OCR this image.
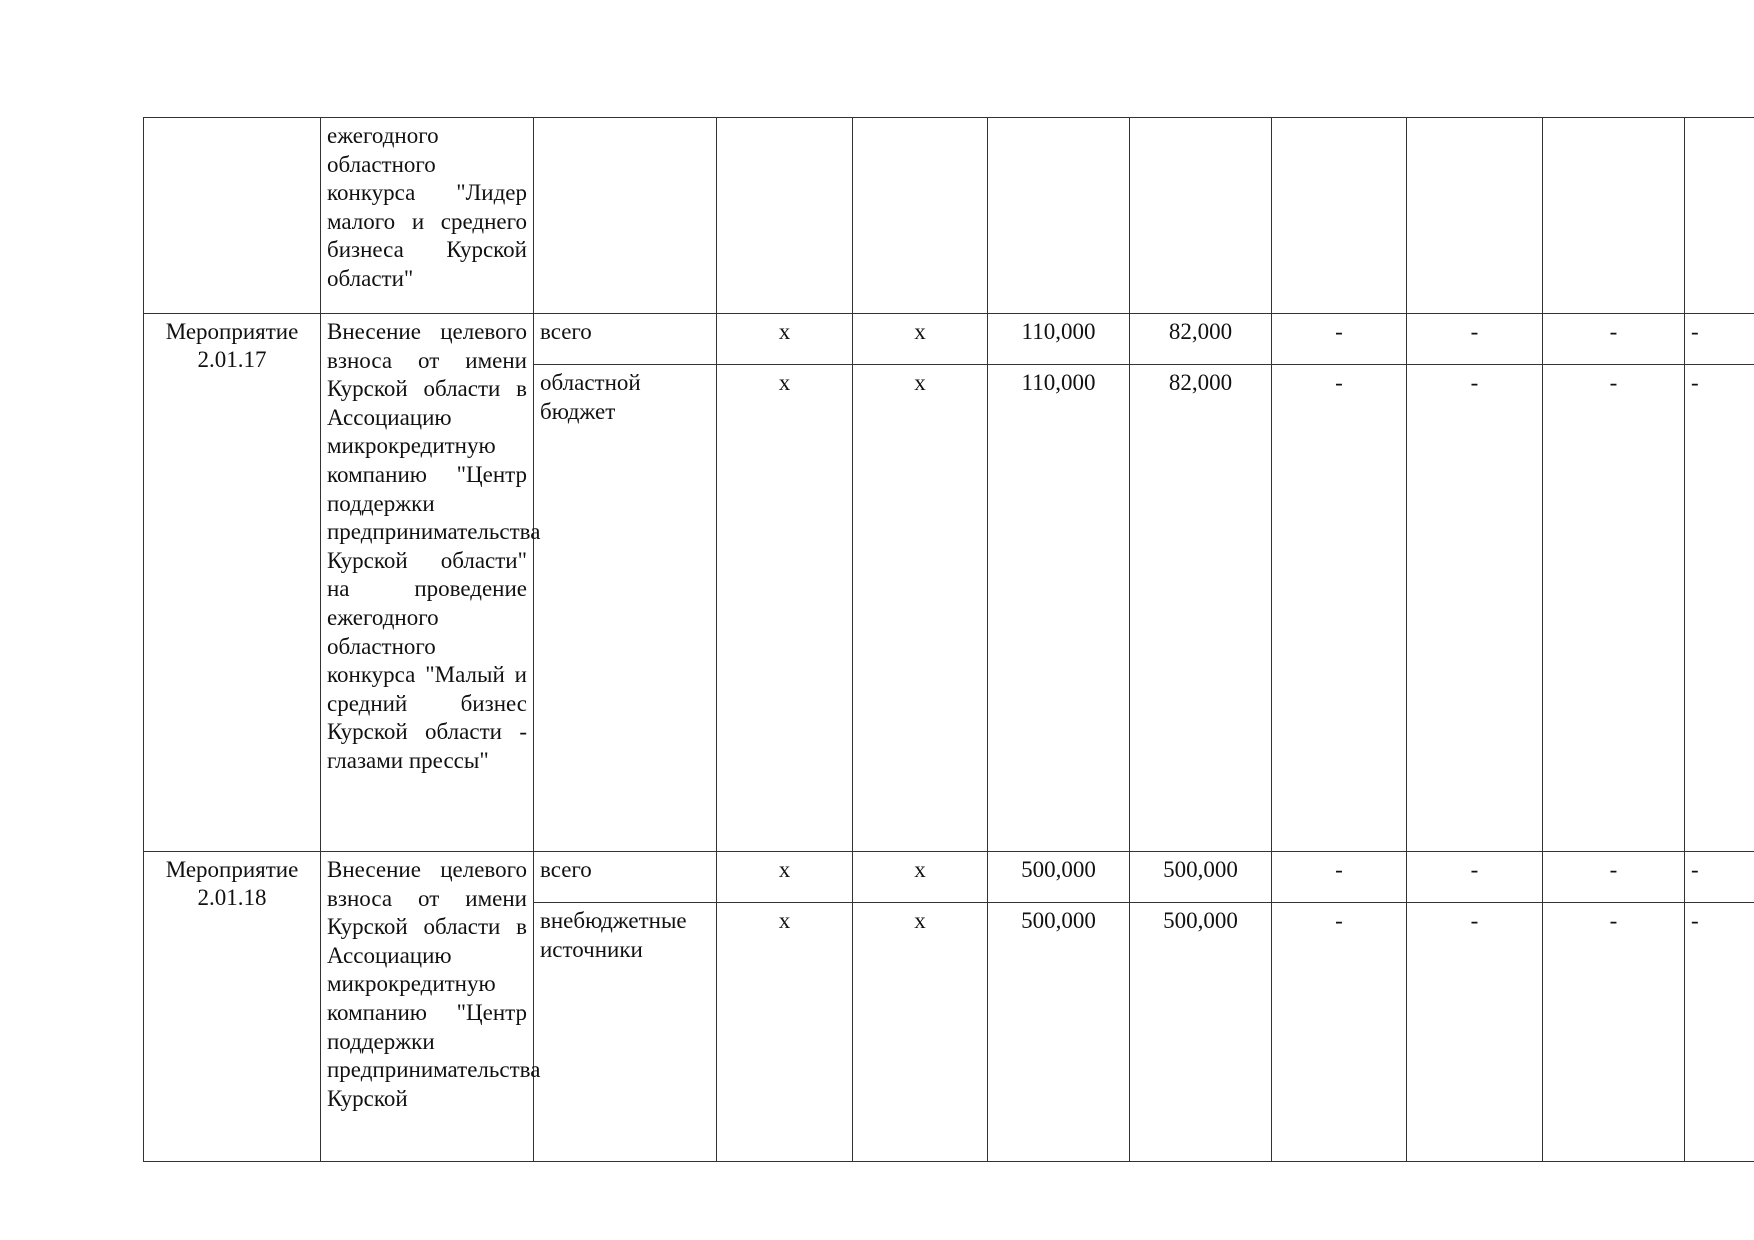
	ежегодного областного конкурса "Лидер малого и среднего бизнеса Курской области"									

Мероприятие
2.01.17	Внесение целевого взноса от имени Курской области в Ассоциацию микрокредитную компанию "Центр поддержки предпринимательства Курской области" на проведение ежегодного областного конкурса "Малый и средний бизнес Курской области - глазами прессы"	всего	х	х	110,000	82,000	-	-	-	-
		областной бюджет	х	х	110,000	82,000	-	-	-	-

Мероприятие
2.01.18	Внесение целевого взноса от имени Курской области в Ассоциацию микрокредитную компанию "Центр поддержки предпринимательства Курской	всего	х	х	500,000	500,000	-	-	-	-
		внебюджетные источники	х	х	500,000	500,000	-	-	-	-
